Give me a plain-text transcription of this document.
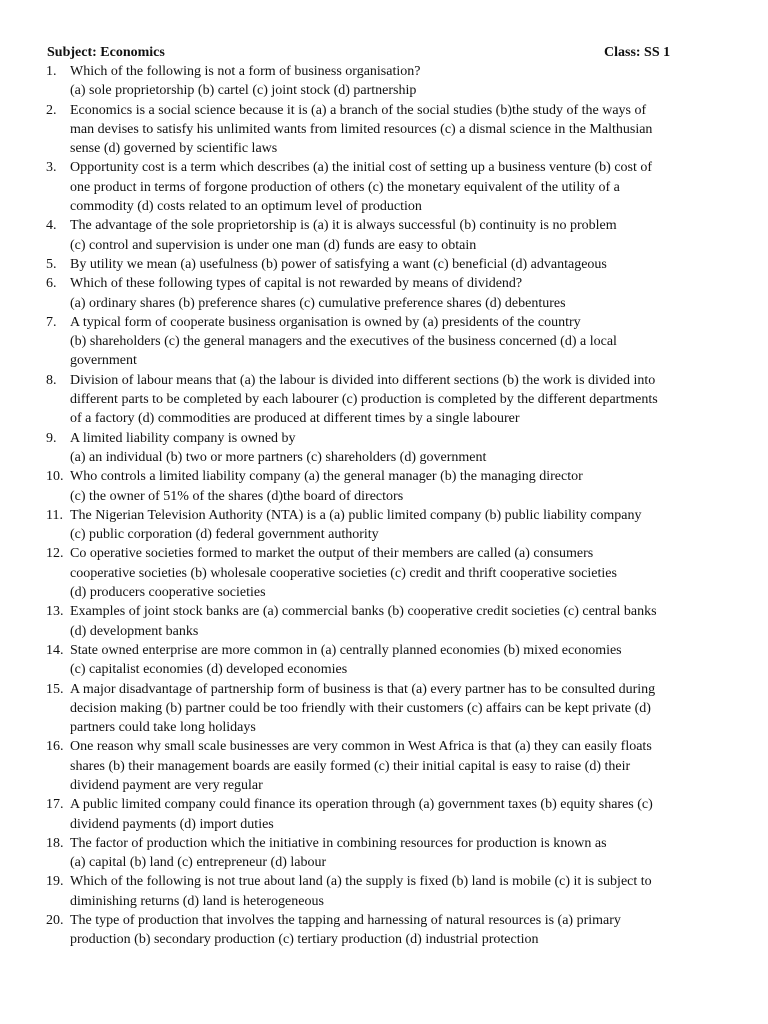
Subject: Economics	Class: SS 1
1. Which of the following is not a form of business organisation?
(a) sole proprietorship (b) cartel (c) joint stock (d) partnership
2. Economics is a social science because it is (a) a branch of the social studies (b)the study of the ways of
man devises to satisfy his unlimited wants from limited resources (c) a dismal science in the Malthusian
sense (d) governed by scientific laws
3. Opportunity cost is a term which describes (a) the initial cost of setting up a business venture (b) cost of
one product in terms of forgone production of others (c) the monetary equivalent of the utility of a
commodity (d) costs related to an optimum level of production
4. The advantage of the sole proprietorship is (a) it is always successful (b) continuity is no problem
(c) control and supervision is under one man (d) funds are easy to obtain
5. By utility we mean (a) usefulness (b) power of satisfying a want (c) beneficial (d) advantageous
6. Which of these following types of capital is not rewarded by means of dividend?
(a) ordinary shares (b) preference shares (c) cumulative preference shares (d) debentures
7. A typical form of cooperate business organisation is owned by (a) presidents of the country
(b) shareholders (c) the general managers and the executives of the business concerned (d) a local
government
8. Division of labour means that (a) the labour is divided into different sections (b) the work is divided into
different parts to be completed by each labourer (c) production is completed by the different departments
of a factory (d) commodities are produced at different times by a single labourer
9. A limited liability company is owned by
(a) an individual (b) two or more partners (c) shareholders (d) government
10. Who controls a limited liability company (a) the general manager (b) the managing director
(c) the owner of 51% of the shares (d)the board of directors
11. The Nigerian Television Authority (NTA) is a (a) public limited company (b) public liability company
(c) public corporation (d) federal government authority
12. Co operative societies formed to market the output of their members are called (a) consumers
cooperative societies (b) wholesale cooperative societies (c) credit and thrift cooperative societies
(d) producers cooperative societies
13. Examples of joint stock banks are (a) commercial banks (b) cooperative credit societies (c) central banks
(d) development banks
14. State owned enterprise are more common in (a) centrally planned economies (b) mixed economies
(c) capitalist economies (d) developed economies
15. A major disadvantage of partnership form of business is that (a) every partner has to be consulted during
decision making (b) partner could be too friendly with their customers (c) affairs can be kept private (d)
partners could take long holidays
16. One reason why small scale businesses are very common in West Africa is that (a) they can easily floats
shares (b) their management boards are easily formed (c) their initial capital is easy to raise (d) their
dividend payment are very regular
17. A public limited company could finance its operation through (a) government taxes (b) equity shares (c)
dividend payments (d) import duties
18. The factor of production which the initiative in combining resources for production is known as
(a) capital (b) land (c) entrepreneur (d) labour
19. Which of the following is not true about land (a) the supply is fixed (b) land is mobile (c) it is subject to
diminishing returns (d) land is heterogeneous
20. The type of production that involves the tapping and harnessing of natural resources is (a) primary
production (b) secondary production (c) tertiary production (d) industrial protection
